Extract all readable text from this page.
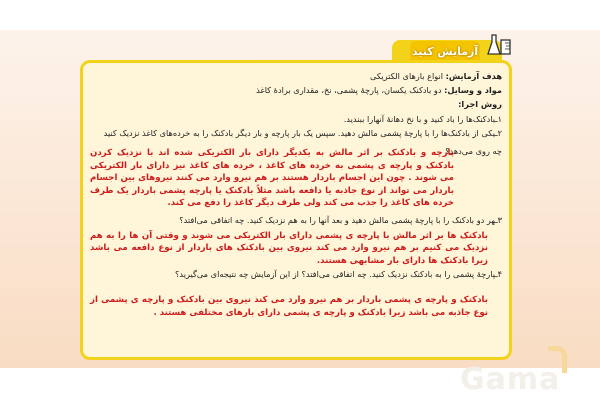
آزمایش کنید
هدف آزمایش: انواع بارهای الکتریکی
مواد و وسایل: دو بادکنک یکسان، پارچهٔ پشمی، نخ، مقداری برادهٔ کاغذ
روش اجرا:
۱ـبادکنک‌ها را باد کنید و با نخ دهانهٔ آنهارا ببندید.
۲ـیکی از بادکنک‌ها را با پارچهٔ پشمی مالش دهید. سپس یک بار پارچه و بار دیگر بادکنک را به خرده‌های کاغذ نزدیک کنید
چه روی می‌دهد؟
پارچه و بادکنک بر اثر مالش به یکدیگر دارای بار الکتریکی شده اند با نزدیک کردن بادکنک و پارچه ی پشمی به خرده های کاغذ ، خرده های کاغذ نیز دارای بار الکتریکی می شوند . چون این اجسام باردار هستند بر هم نیرو وارد می کنند نیروهای بین اجسام باردار می تواند از نوع جاذبه یا دافعه باشد مثلاً بادکنک یا پارچه پشمی باردار یک طرف خرده های کاغذ را جذب می کند ولی طرف دیگر کاغذ را دفع می کند.
۳ـهر دو بادکنک را با پارچهٔ پشمی مالش دهید و بعد آنها را به هم نزدیک کنید. چه اتفاقی می‌افتد؟
بادکنک ها بر اثر مالش با پارچه ی پشمی دارای بار الکتریکی می شوند و وقتی آن ها را به هم نزدیک می کنیم بر هم نیرو وارد می کند نیروی بین بادکنک های باردار از نوع دافعه می باشد زیرا بادکنک ها دارای بار مشابهی هستند.
۴ـپارچهٔ پشمی را به بادکنک نزدیک کنید. چه اتفاقی می‌افتد؟ از این آزمایش چه نتیجه‌ای می‌گیرید؟
بادکنک و پارچه ی پشمی باردار بر هم نیرو وارد می کند نیروی بین بادکنک و پارچه ی پشمی از نوع جاذبه می باشد زیرا بادکنک و پارچه ی پشمی دارای بارهای مختلفی هستند .
Gama
